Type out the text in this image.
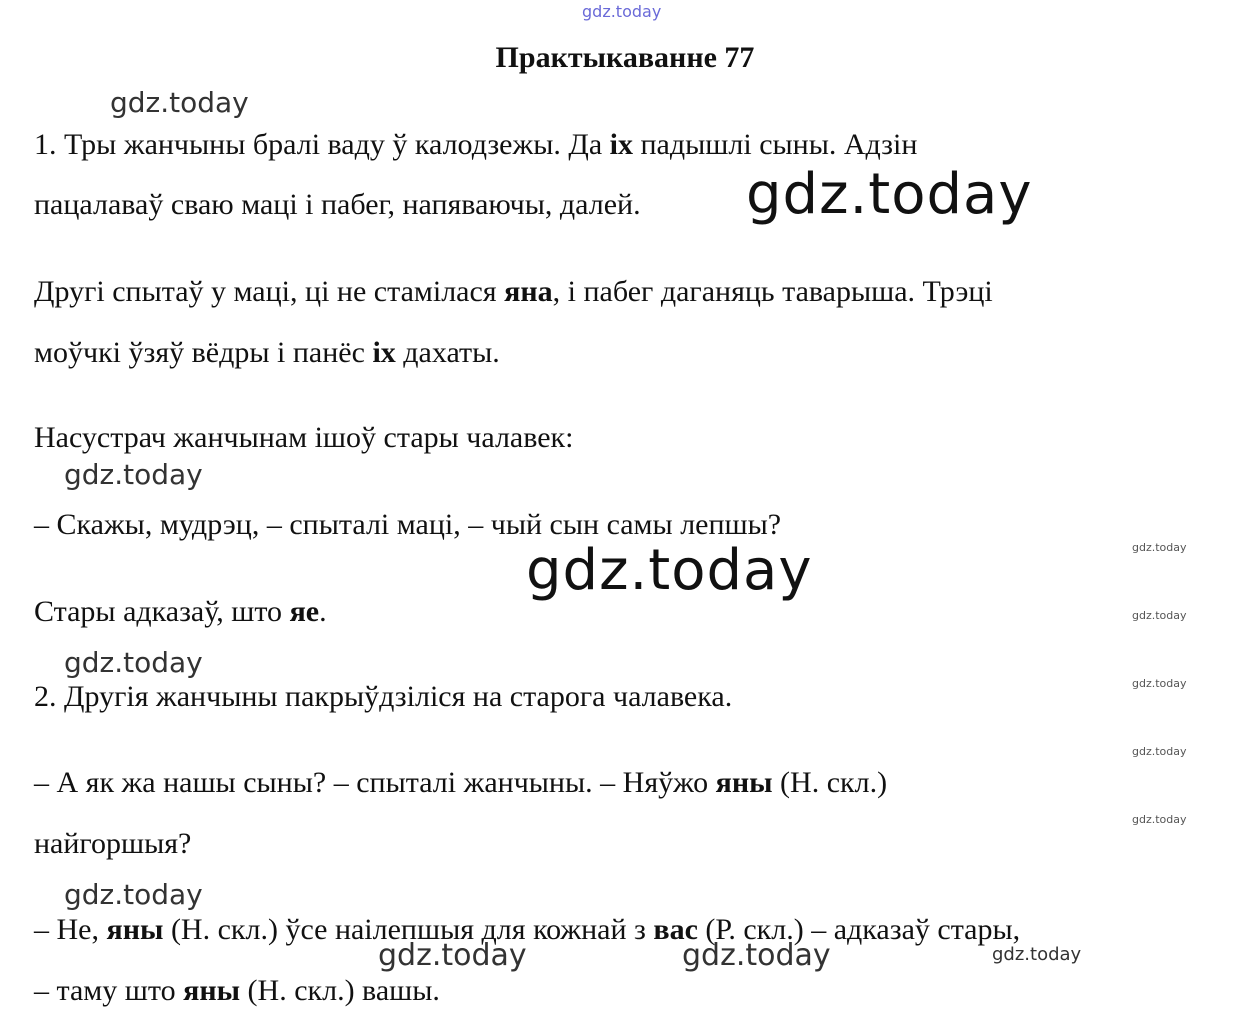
gdz.today
gdz.today
gdz.today
gdz.today
gdz.today
gdz.today
gdz.today
gdz.today	gdz.today	gdz.today
gdz.today
gdz.today
gdz.today
gdz.today
gdz.today
Практыкаванне 77
1. Тры жанчыны бралі ваду ў калодзежы. Да іх падышлі сыны. Адзін
пацалаваў сваю маці і пабег, напяваючы, далей.
Другі спытаў у маці, ці не стамілася яна, і пабег даганяць таварыша. Трэці
моўчкі ўзяў вёдры і панёс іх дахаты.
Насустрач жанчынам ішоў стары чалавек:
– Скажы, мудрэц, – спыталі маці, – чый сын самы лепшы?
Стары адказаў, што яе.
2. Другія жанчыны пакрыўдзіліся на старога чалавека.
– А як жа нашы сыны? – спыталі жанчыны. – Няўжо яны (Н. скл.)
найгоршыя?
– Не, яны (Н. скл.) ўсе наілепшыя для кожнай з вас (Р. скл.) – адказаў стары,
– таму што яны (Н. скл.) вашы.
